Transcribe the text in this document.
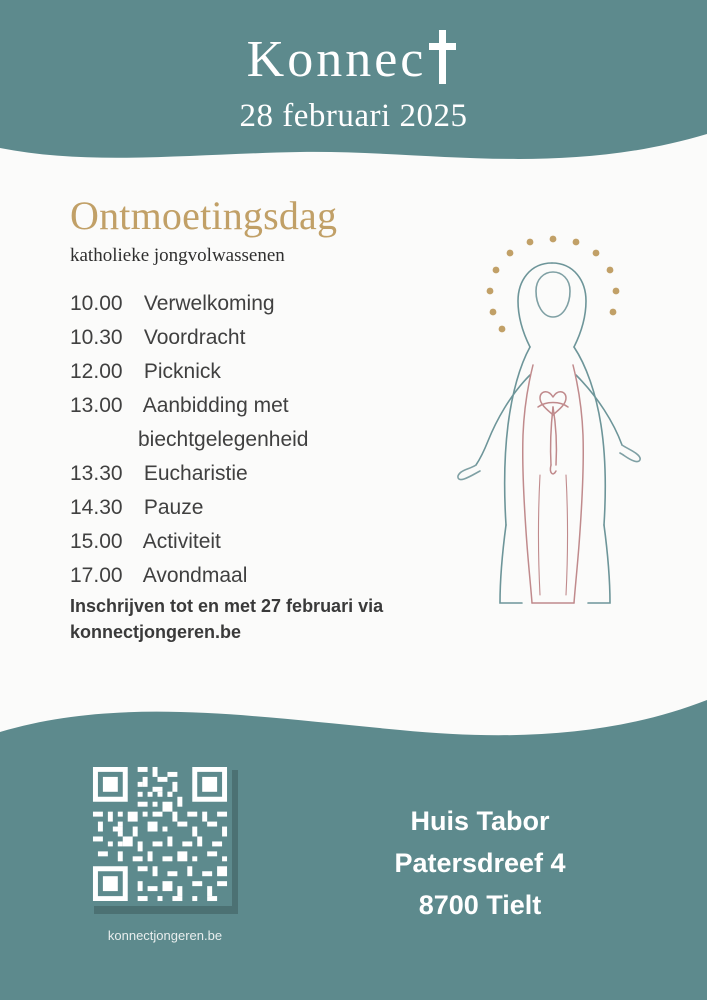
Konnec
28 februari 2025
Ontmoetingsdag
katholieke jongvolwassenen
10.00 Verwelkoming
10.30 Voordracht
12.00 Picknick
13.00 Aanbidding met
biechtgelegenheid
13.30 Eucharistie
14.30 Pauze
15.00 Activiteit
17.00 Avondmaal
Inschrijven tot en met 27 februari via
konnectjongeren.be
konnectjongeren.be
Huis Tabor
Patersdreef 4
8700 Tielt
